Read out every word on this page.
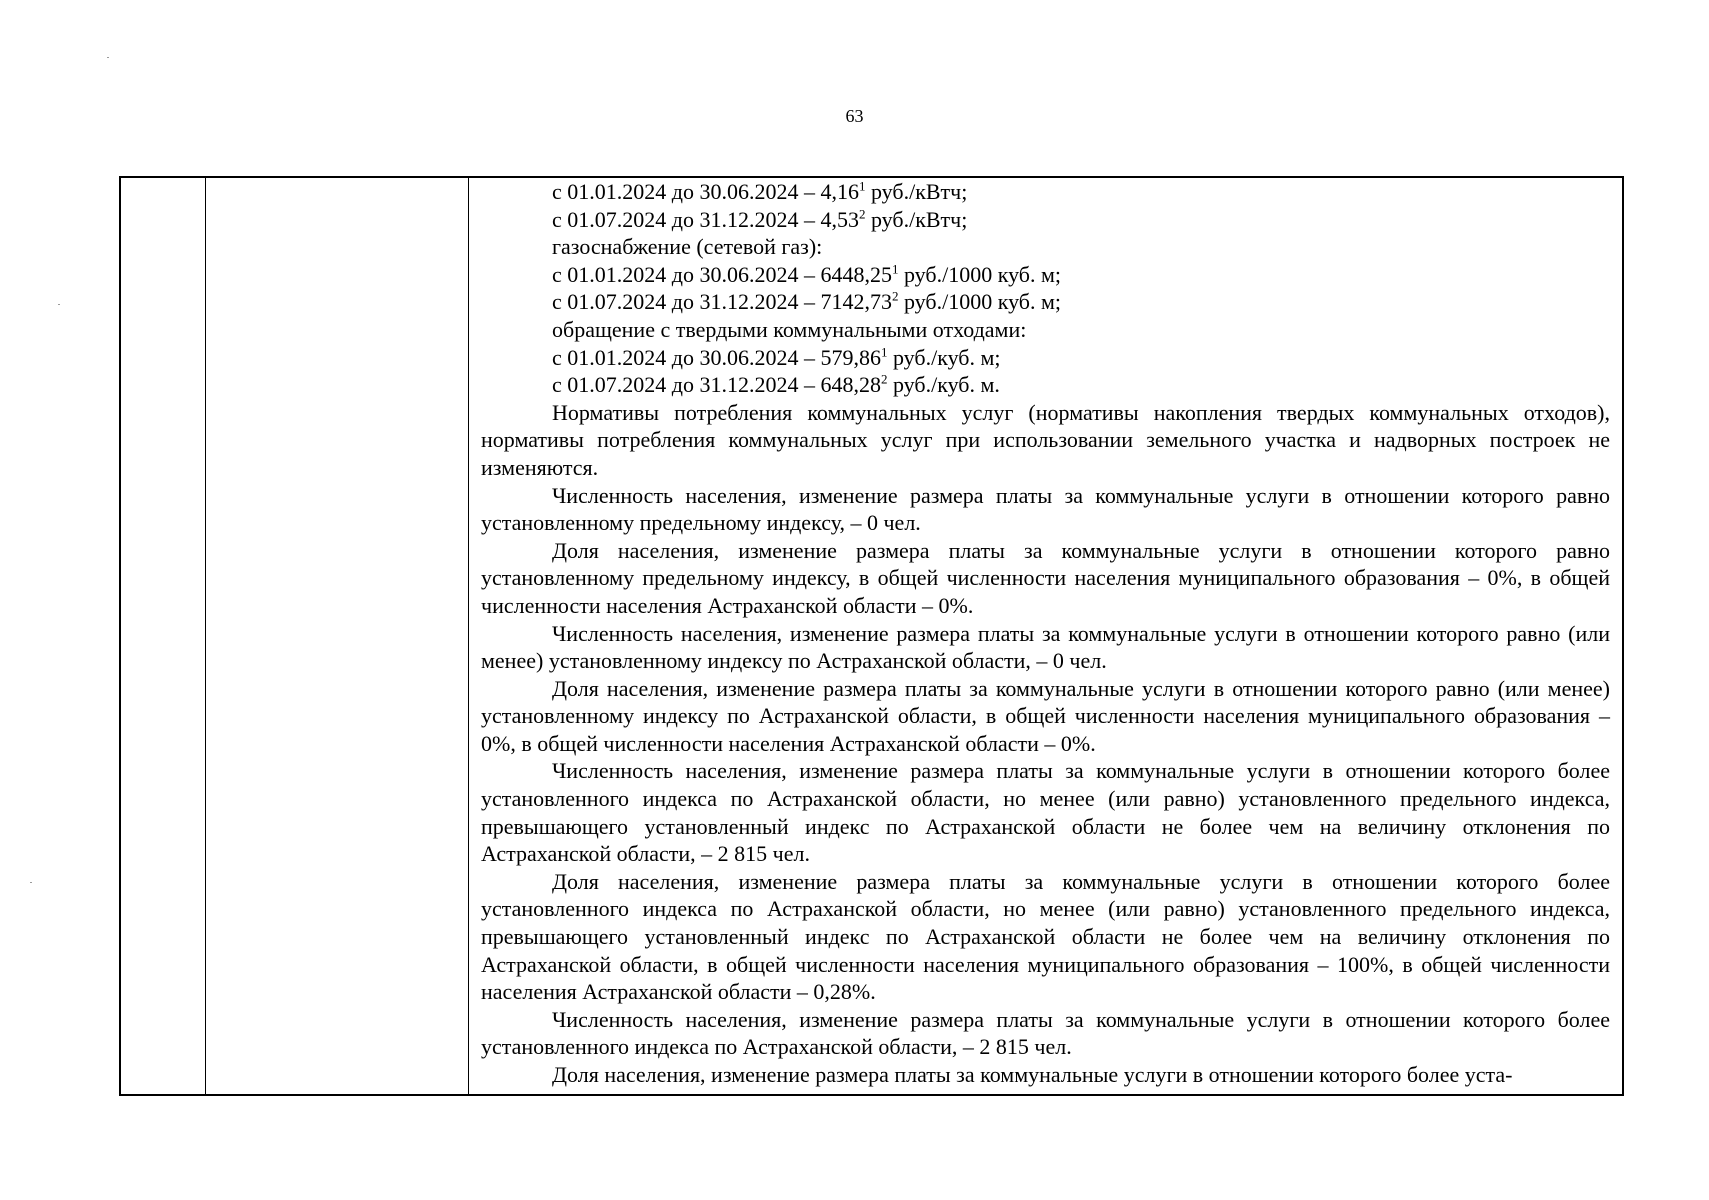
63
с 01.01.2024 до 30.06.2024 – 4,16$^1$ руб./кВтч;
с 01.07.2024 до 31.12.2024 – 4,53$^2$ руб./кВтч;
газоснабжение (сетевой газ):
с 01.01.2024 до 30.06.2024 – 6448,25$^1$ руб./1000 куб. м;
с 01.07.2024 до 31.12.2024 – 7142,73$^2$ руб./1000 куб. м;
обращение с твердыми коммунальными отходами:
с 01.01.2024 до 30.06.2024 – 579,86$^1$ руб./куб. м;
с 01.07.2024 до 31.12.2024 – 648,28$^2$ руб./куб. м.

Нормативы потребления коммунальных услуг (нормативы накопления твердых коммунальных отходов), нормативы потребления коммунальных услуг при использовании земельного участка и надворных построек не изменяются.

Численность населения, изменение размера платы за коммунальные услуги в отношении которого равно установленному предельному индексу, – 0 чел.

Доля населения, изменение размера платы за коммунальные услуги в отношении которого равно установленному предельному индексу, в общей численности населения муниципального образования – 0%, в общей численности населения Астраханской области – 0%.

Численность населения, изменение размера платы за коммунальные услуги в отношении которого равно (или менее) установленному индексу по Астраханской области, – 0 чел.

Доля населения, изменение размера платы за коммунальные услуги в отношении которого равно (или менее) установленному индексу по Астраханской области, в общей численности населения муниципального образования – 0%, в общей численности населения Астраханской области – 0%.

Численность населения, изменение размера платы за коммунальные услуги в отношении которого более установленного индекса по Астраханской области, но менее (или равно) установленного предельного индекса, превышающего установленный индекс по Астраханской области не более чем на величину отклонения по Астраханской области, – 2 815 чел.

Доля населения, изменение размера платы за коммунальные услуги в отношении которого более установленного индекса по Астраханской области, но менее (или равно) установленного предельного индекса, превышающего установленный индекс по Астраханской области не более чем на величину отклонения по Астраханской области, в общей численности населения муниципального образования – 100%, в общей численности населения Астраханской области – 0,28%.

Численность населения, изменение размера платы за коммунальные услуги в отношении которого более установленного индекса по Астраханской области, – 2 815 чел.

Доля населения, изменение размера платы за коммунальные услуги в отношении которого более уста-
